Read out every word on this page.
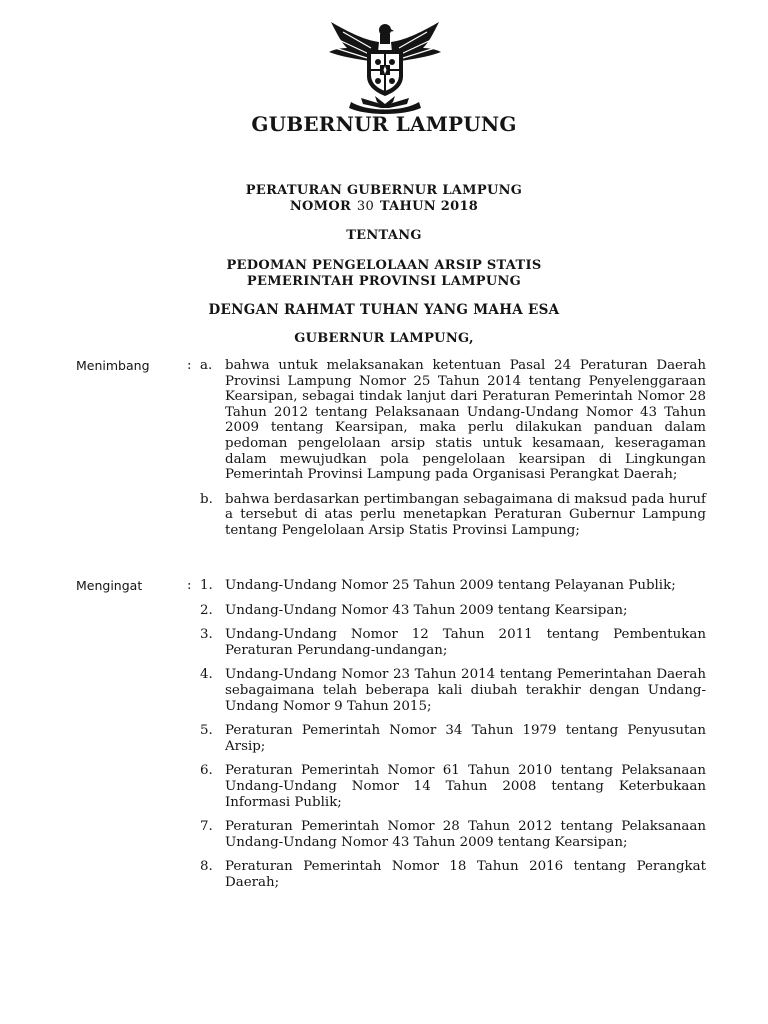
GUBERNUR LAMPUNG
PERATURAN GUBERNUR LAMPUNG
NOMOR 30 TAHUN 2018
TENTANG
PEDOMAN PENGELOLAAN ARSIP STATIS
PEMERINTAH PROVINSI LAMPUNG
DENGAN RAHMAT TUHAN YANG MAHA ESA
GUBERNUR LAMPUNG,
Menimbang	: a. bahwa untuk melaksanakan ketentuan Pasal 24 Peraturan Daerah Provinsi Lampung Nomor 25 Tahun 2014 tentang Penyelenggaraan Kearsipan, sebagai tindak lanjut dari Peraturan Pemerintah Nomor 28 Tahun 2012 tentang Pelaksanaan Undang-Undang Nomor 43 Tahun 2009 tentang Kearsipan, maka perlu dilakukan panduan dalam pedoman pengelolaan arsip statis untuk kesamaan, keseragaman dalam mewujudkan pola pengelolaan kearsipan di Lingkungan Pemerintah Provinsi Lampung pada Organisasi Perangkat Daerah;
b. bahwa berdasarkan pertimbangan sebagaimana di maksud pada huruf a tersebut di atas perlu menetapkan Peraturan Gubernur Lampung tentang Pengelolaan Arsip Statis Provinsi Lampung;
Mengingat	: 1. Undang-Undang Nomor 25 Tahun 2009 tentang Pelayanan Publik;
2. Undang-Undang Nomor 43 Tahun 2009 tentang Kearsipan;
3. Undang-Undang Nomor 12 Tahun 2011 tentang Pembentukan Peraturan Perundang-undangan;
4. Undang-Undang Nomor 23 Tahun 2014 tentang Pemerintahan Daerah sebagaimana telah beberapa kali diubah terakhir dengan Undang-Undang Nomor 9 Tahun 2015;
5. Peraturan Pemerintah Nomor 34 Tahun 1979 tentang Penyusutan Arsip;
6. Peraturan Pemerintah Nomor 61 Tahun 2010 tentang Pelaksanaan Undang-Undang Nomor 14 Tahun 2008 tentang Keterbukaan Informasi Publik;
7. Peraturan Pemerintah Nomor 28 Tahun 2012 tentang Pelaksanaan Undang-Undang Nomor 43 Tahun 2009 tentang Kearsipan;
8. Peraturan Pemerintah Nomor 18 Tahun 2016 tentang Perangkat Daerah;
